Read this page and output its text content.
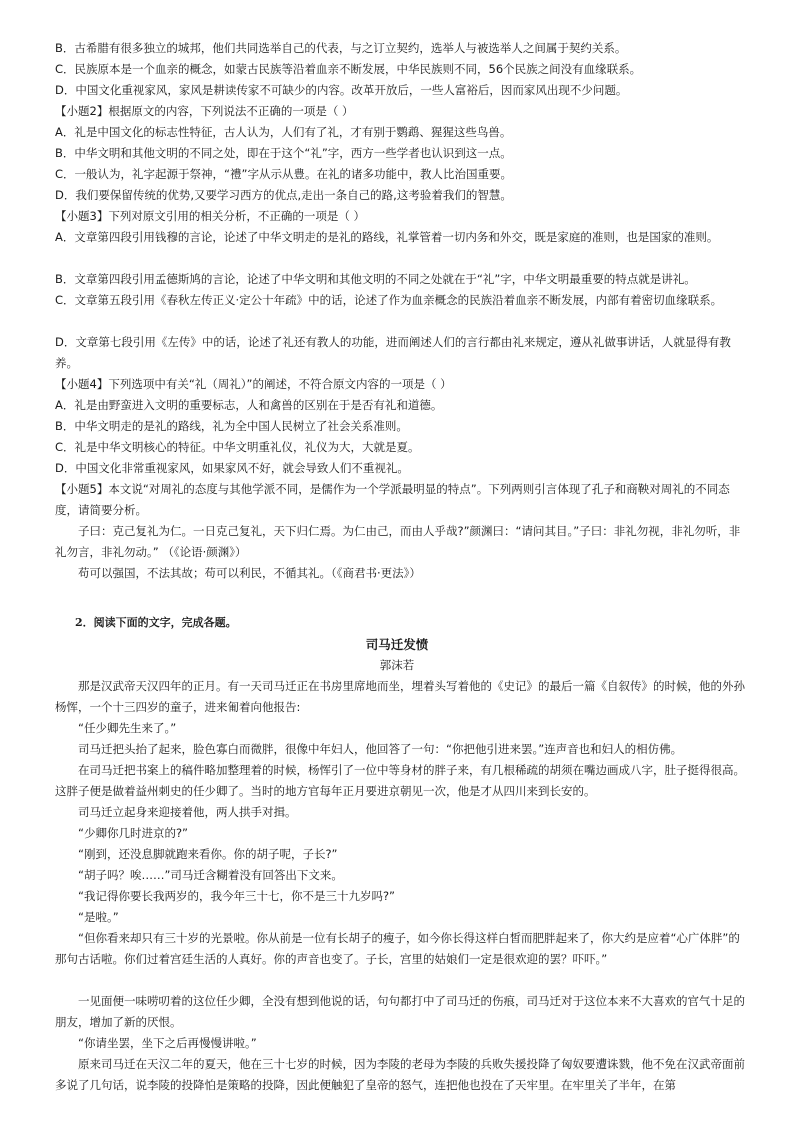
B．古希腊有很多独立的城邦，他们共同选举自己的代表，与之订立契约，选举人与被选举人之间属于契约关系。

C．民族原本是一个血亲的概念，如蒙古民族等沿着血亲不断发展，中华民族则不同，56个民族之间没有血缘联系。

D．中国文化重视家风，家风是耕读传家不可缺少的内容。改革开放后，一些人富裕后，因而家风出现不少问题。

【小题2】根据原文的内容，下列说法不正确的一项是（ ）

A．礼是中国文化的标志性特征，古人认为，人们有了礼，才有别于鹦鹉、猩猩这些鸟兽。

B．中华文明和其他文明的不同之处，即在于这个“礼”字，西方一些学者也认识到这一点。

C．一般认为，礼字起源于祭神，“禮”字从示从豊。在礼的诸多功能中，教人比治国重要。

D．我们要保留传统的优势,又要学习西方的优点,走出一条自己的路,这考验着我们的智慧。

【小题3】下列对原文引用的相关分析，不正确的一项是（ ）

A．文章第四段引用钱穆的言论，论述了中华文明走的是礼的路线，礼掌管着一切内务和外交，既是家庭的准则，也是国家的准则。

B．文章第四段引用孟德斯鸠的言论，论述了中华文明和其他文明的不同之处就在于“礼”字，中华文明最重要的特点就是讲礼。

C．文章第五段引用《春秋左传正义·定公十年疏》中的话，论述了作为血亲概念的民族沿着血亲不断发展，内部有着密切血缘联系。

D．文章第七段引用《左传》中的话，论述了礼还有教人的功能，进而阐述人们的言行都由礼来规定，遵从礼做事讲话，人就显得有教养。

【小题4】下列选项中有关“礼（周礼）”的阐述，不符合原文内容的一项是（ ）

A．礼是由野蛮进入文明的重要标志，人和禽兽的区别在于是否有礼和道德。

B．中华文明走的是礼的路线，礼为全中国人民树立了社会关系准则。

C．礼是中华文明核心的特征。中华文明重礼仪，礼仪为大，大就是夏。

D．中国文化非常重视家风，如果家风不好，就会导致人们不重视礼。

【小题5】本文说“对周礼的态度与其他学派不同，是儒作为一个学派最明显的特点”。下列两则引言体现了孔子和商鞅对周礼的不同态度，请简要分析。

子曰：克己复礼为仁。一日克己复礼，天下归仁焉。为仁由己，而由人乎哉?”颜渊曰：“请问其目。”子曰：非礼勿视，非礼勿听，非礼勿言，非礼勿动。” （《论语·颜渊》）

苟可以强国，不法其故；苟可以利民，不循其礼。（《商君书·更法》）

2．阅读下面的文字，完成各题。
司马迁发愤
郭沫若

那是汉武帝天汉四年的正月。有一天司马迁正在书房里席地而坐，埋着头写着他的《史记》的最后一篇《自叙传》的时候，他的外孙杨恽，一个十三四岁的童子，进来匍着向他报告:

“任少卿先生来了。”

司马迁把头抬了起来，脸色寡白而微胖，很像中年妇人，他回答了一句：“你把他引进来罢。”连声音也和妇人的相仿佛。

在司马迁把书案上的稿件略加整理着的时候，杨恽引了一位中等身材的胖子来，有几根稀疏的胡须在嘴边画成八字，肚子挺得很高。这胖子便是做着益州刺史的任少卿了。当时的地方官每年正月要进京朝见一次，他是才从四川来到长安的。

司马迁立起身来迎接着他，两人拱手对揖。

“少卿你几时进京的?”

“刚到，还没息脚就跑来看你。你的胡子呢，子长?”

“胡子吗？唉……”司马迁含糊着没有回答出下文来。

“我记得你要长我两岁的，我今年三十七，你不是三十九岁吗?”

“是啦。”

“但你看来却只有三十岁的光景啦。你从前是一位有长胡子的瘦子，如今你长得这样白皙而肥胖起来了，你大约是应着“心广体胖”的那句古话啦。你们过着宫廷生活的人真好。你的声音也变了。子长，宫里的姑娘们一定是很欢迎的罢？吓吓。”

一见面便一味唠叨着的这位任少卿，全没有想到他说的话，句句都打中了司马迁的伤痕，司马迁对于这位本来不大喜欢的官气十足的朋友，增加了新的厌恨。

“你请坐罢，坐下之后再慢慢讲啦。”

原来司马迁在天汉二年的夏天，他在三十七岁的时候，因为李陵的老母为李陵的兵败失援投降了匈奴要遭诛戮，他不免在汉武帝面前多说了几句话，说李陵的投降怕是策略的投降，因此便触犯了皇帝的怒气，连把他也投在了天牢里。在牢里关了半年，在第
